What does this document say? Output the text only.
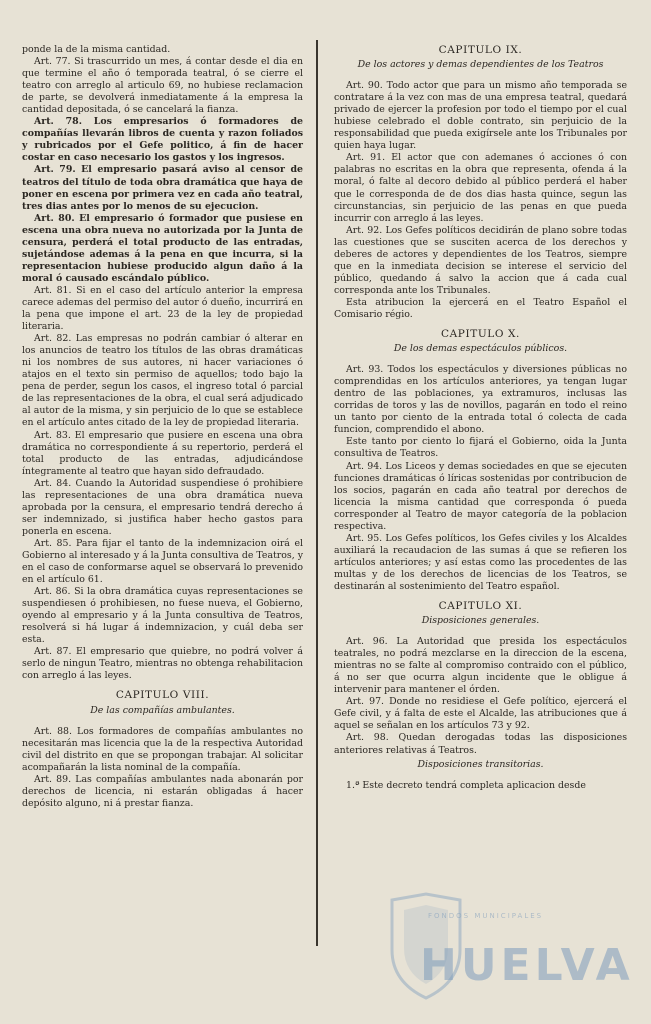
ponde la de la misma cantidad.

Art. 77. Si trascurrido un mes, á contar desde el dia en que termine el año ó temporada teatral, ó se cierre el teatro con arreglo al articulo 69, no hubiese reclamacion de parte, se devolverá inmediatamente á la empresa la cantidad depositada, ó se cancelará la fianza.

Art. 78. Los empresarios ó formadores de compañías llevarán libros de cuenta y razon foliados y rubricados por el Gefe politico, á fin de hacer costar en caso necesario los gastos y los ingresos.

Art. 79. El empresario pasará aviso al censor de teatros del título de toda obra dramática que haya de poner en escena por primera vez en cada año teatral, tres dias antes por lo menos de su ejecucion.

Art. 80. El empresario ó formador que pusiese en escena una obra nueva no autorizada por la Junta de censura, perderá el total producto de las entradas, sujetándose ademas á la pena en que incurra, si la representacion hubiese producido algun daño á la moral ó causado escándalo público.

Art. 81. Si en el caso del artículo anterior la empresa carece ademas del permiso del autor ó dueño, incurrirá en la pena que impone el art. 23 de la ley de propiedad literaria.

Art. 82. Las empresas no podrán cambiar ó alterar en los anuncios de teatro los títulos de las obras dramáticas ni los nombres de sus autores, ni hacer variaciones ó atajos en el texto sin permiso de aquellos; todo bajo la pena de perder, segun los casos, el ingreso total ó parcial de las representaciones de la obra, el cual será adjudicado al autor de la misma, y sin perjuicio de lo que se establece en el artículo antes citado de la ley de propiedad literaria.

Art. 83. El empresario que pusiere en escena una obra dramática no correspondiente á su repertorio, perderá el total producto de las entradas, adjudicándose íntegramente al teatro que hayan sido defraudado.

Art. 84. Cuando la Autoridad suspendiese ó prohibiere las representaciones de una obra dramática nueva aprobada por la censura, el empresario tendrá derecho á ser indemnizado, si justifica haber hecho gastos para ponerla en escena.

Art. 85. Para fijar el tanto de la indemnizacion oirá el Gobierno al interesado y á la Junta consultiva de Teatros, y en el caso de conformarse aquel se observará lo prevenido en el artículo 61.

Art. 86. Si la obra dramática cuyas representaciones se suspendiesen ó prohibiesen, no fuese nueva, el Gobierno, oyendo al empresario y á la Junta consultiva de Teatros, resolverá si há lugar á indemnizacion, y cuál deba ser esta.

Art. 87. El empresario que quiebre, no podrá volver á serlo de ningun Teatro, mientras no obtenga rehabilitacion con arreglo á las leyes.

CAPITULO VIII.
De las compañías ambulantes.

Art. 88. Los formadores de compañías ambulantes no necesitarán mas licencia que la de la respectiva Autoridad civil del distrito en que se propongan trabajar. Al solicitar acompañarán la lista nominal de la compañía.

Art. 89. Las compañías ambulantes nada abonarán por derechos de licencia, ni estarán obligadas á hacer depósito alguno, ni á prestar fianza.

CAPITULO IX.
De los actores y demas dependientes de los Teatros

Art. 90. Todo actor que para un mismo año temporada se contratare á la vez con mas de una empresa teatral, quedará privado de ejercer la profesion por todo el tiempo por el cual hubiese celebrado el doble contrato, sin perjuicio de la responsabilidad que pueda exigírsele ante los Tribunales por quien haya lugar.

Art. 91. El actor que con ademanes ó acciones ó con palabras no escritas en la obra que representa, ofenda á la moral, ó falte al decoro debido al público perderá el haber que le corresponda de de dos dias hasta quince, segun las circunstancias, sin perjuicio de las penas en que pueda incurrir con arreglo á las leyes.

Art. 92. Los Gefes políticos decidirán de plano sobre todas las cuestiones que se susciten acerca de los derechos y deberes de actores y dependientes de los Teatros, siempre que en la inmediata decision se interese el servicio del público, quedando á salvo la accion que á cada cual corresponda ante los Tribunales.

Esta atribucion la ejercerá en el Teatro Español el Comisario régio.

CAPITULO X.
De los demas espectáculos públicos.

Art. 93. Todos los espectáculos y diversiones públicas no comprendidas en los artículos anteriores, ya tengan lugar dentro de las poblaciones, ya extramuros, inclusas las corridas de toros y las de novillos, pagarán en todo el reino un tanto por ciento de la entrada total ó colecta de cada funcion, comprendido el abono.

Este tanto por ciento lo fijará el Gobierno, oida la Junta consultiva de Teatros.

Art. 94. Los Liceos y demas sociedades en que se ejecuten funciones dramáticas ó líricas sostenidas por contribucion de los socios, pagarán en cada año teatral por derechos de licencia la misma cantidad que corresponda ó pueda corresponder al Teatro de mayor categoría de la poblacion respectiva.

Art. 95. Los Gefes políticos, los Gefes civiles y los Alcaldes auxiliará la recaudacion de las sumas á que se refieren los artículos anteriores; y así estas como las procedentes de las multas y de los derechos de licencias de los Teatros, se destinarán al sostenimiento del Teatro español.

CAPITULO XI.
Disposiciones generales.

Art. 96. La Autoridad que presida los espectáculos teatrales, no podrá mezclarse en la direccion de la escena, mientras no se falte al compromiso contraido con el público, á no ser que ocurra algun incidente que le obligue á intervenir para mantener el órden.

Art. 97. Donde no residiese el Gefe político, ejercerá el Gefe civil, y á falta de este el Alcalde, las atribuciones que á aquel se señalan en los artículos 73 y 92.

Art. 98. Quedan derogadas todas las disposiciones anteriores relativas á Teatros.

Disposiciones transitorias.

1.ª Este decreto tendrá completa aplicacion desde

FONDOS MUNICIPALES
HUELVA
